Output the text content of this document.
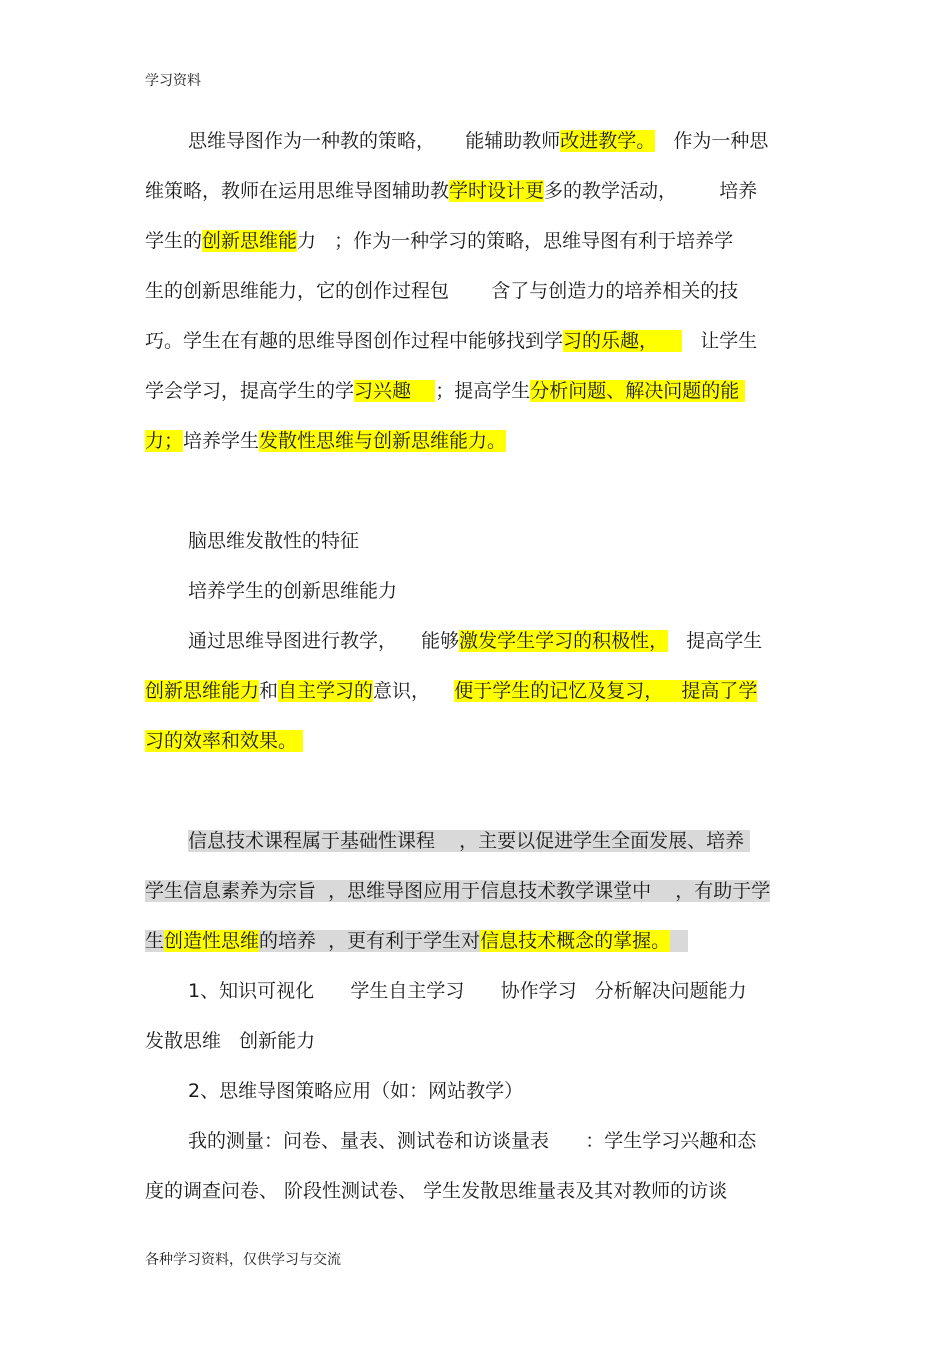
学习资料
思维导图作为一种教的策略，     能辅助教师改进教学。   作为一种思
维策略，教师在运用思维导图辅助教学时设计更多的教学活动，       培养
学生的创新思维能力   ；作为一种学习的策略，思维导图有利于培养学
生的创新思维能力，它的创作过程包       含了与创造力的培养相关的技
巧。学生在有趣的思维导图创作过程中能够找到学习的乐趣，       让学生
学会学习，提高学生的学习兴趣    ；提高学生分析问题、解决问题的能
力；培养学生发散性思维与创新思维能力。
脑思维发散性的特征
培养学生的创新思维能力
通过思维导图进行教学，    能够激发学生学习的积极性，   提高学生
创新思维能力和自主学习的意识，    便于学生的记忆及复习，   提高了学
习的效率和效果。
信息技术课程属于基础性课程    ，主要以促进学生全面发展、培养
学生信息素养为宗旨  ，思维导图应用于信息技术教学课堂中    ，有助于学
生创造性思维的培养  ，更有利于学生对信息技术概念的掌握。
1、知识可视化      学生自主学习      协作学习   分析解决问题能力
发散思维   创新能力
2、思维导图策略应用（如：网站教学）
我的测量：问卷、量表、测试卷和访谈量表      ：学生学习兴趣和态
度的调查问卷、 阶段性测试卷、 学生发散思维量表及其对教师的访谈
各种学习资料，仅供学习与交流
